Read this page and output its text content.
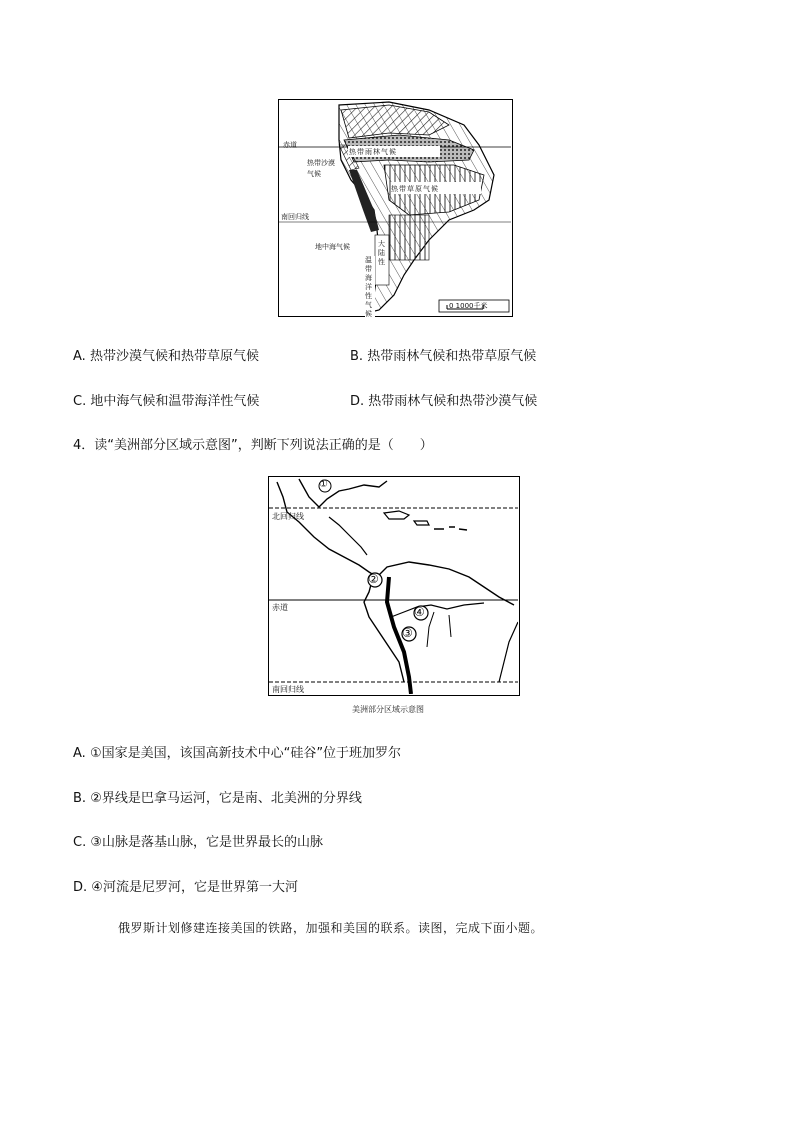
赤道
南回归线
热带雨林气候
热带草原气候
热带沙漠气候
地中海气候
温带海洋性气候
大陆性
0 1000千米
A. 热带沙漠气候和热带草原气候	B. 热带雨林气候和热带草原气候
C. 地中海气候和温带海洋性气候	D. 热带雨林气候和热带沙漠气候
4．读“美洲部分区域示意图”，判断下列说法正确的是（　　）
北回归线
赤道
南回归线
①
②
④
③
美洲部分区域示意图
A. ①国家是美国，该国高新技术中心“硅谷”位于班加罗尔
B. ②界线是巴拿马运河，它是南、北美洲的分界线
C. ③山脉是落基山脉，它是世界最长的山脉
D. ④河流是尼罗河，它是世界第一大河
俄罗斯计划修建连接美国的铁路，加强和美国的联系。读图，完成下面小题。
